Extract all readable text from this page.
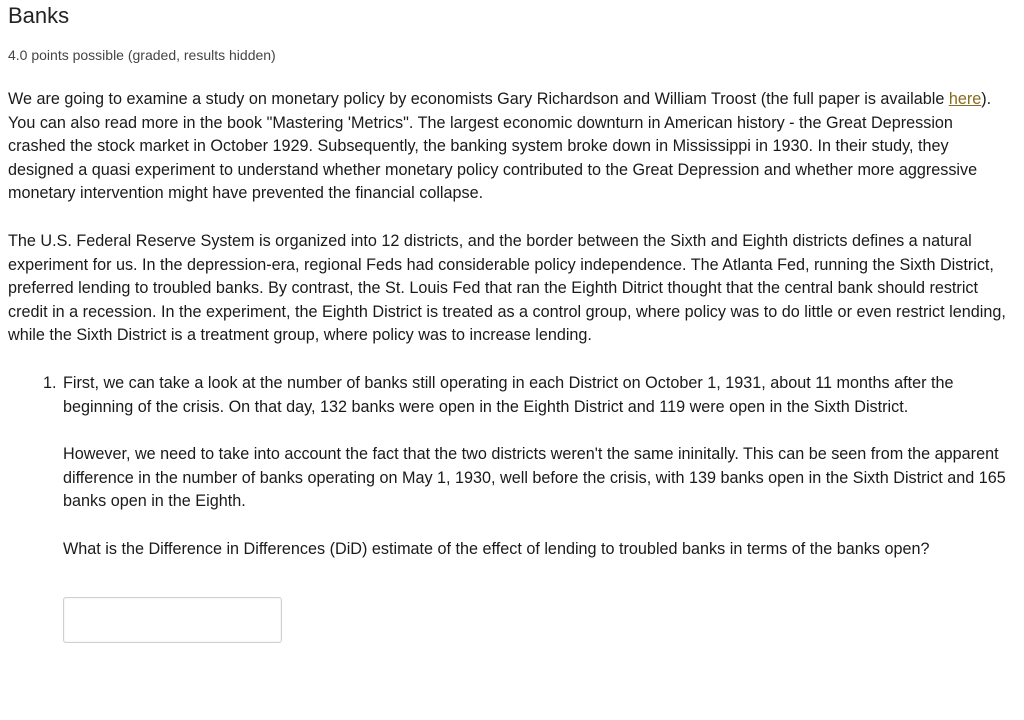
Banks
4.0 points possible (graded, results hidden)

We are going to examine a study on monetary policy by economists Gary Richardson and William Troost (the full paper is available here). You can also read more in the book "Mastering 'Metrics". The largest economic downturn in American history - the Great Depression crashed the stock market in October 1929. Subsequently, the banking system broke down in Mississippi in 1930. In their study, they designed a quasi experiment to understand whether monetary policy contributed to the Great Depression and whether more aggressive monetary intervention might have prevented the financial collapse.

The U.S. Federal Reserve System is organized into 12 districts, and the border between the Sixth and Eighth districts defines a natural experiment for us. In the depression-era, regional Feds had considerable policy independence. The Atlanta Fed, running the Sixth District, preferred lending to troubled banks. By contrast, the St. Louis Fed that ran the Eighth Ditrict thought that the central bank should restrict credit in a recession. In the experiment, the Eighth District is treated as a control group, where policy was to do little or even restrict lending, while the Sixth District is a treatment group, where policy was to increase lending.

1. First, we can take a look at the number of banks still operating in each District on October 1, 1931, about 11 months after the beginning of the crisis. On that day, 132 banks were open in the Eighth District and 119 were open in the Sixth District.

However, we need to take into account the fact that the two districts weren't the same ininitally. This can be seen from the apparent difference in the number of banks operating on May 1, 1930, well before the crisis, with 139 banks open in the Sixth District and 165 banks open in the Eighth.

What is the Difference in Differences (DiD) estimate of the effect of lending to troubled banks in terms of the banks open?
